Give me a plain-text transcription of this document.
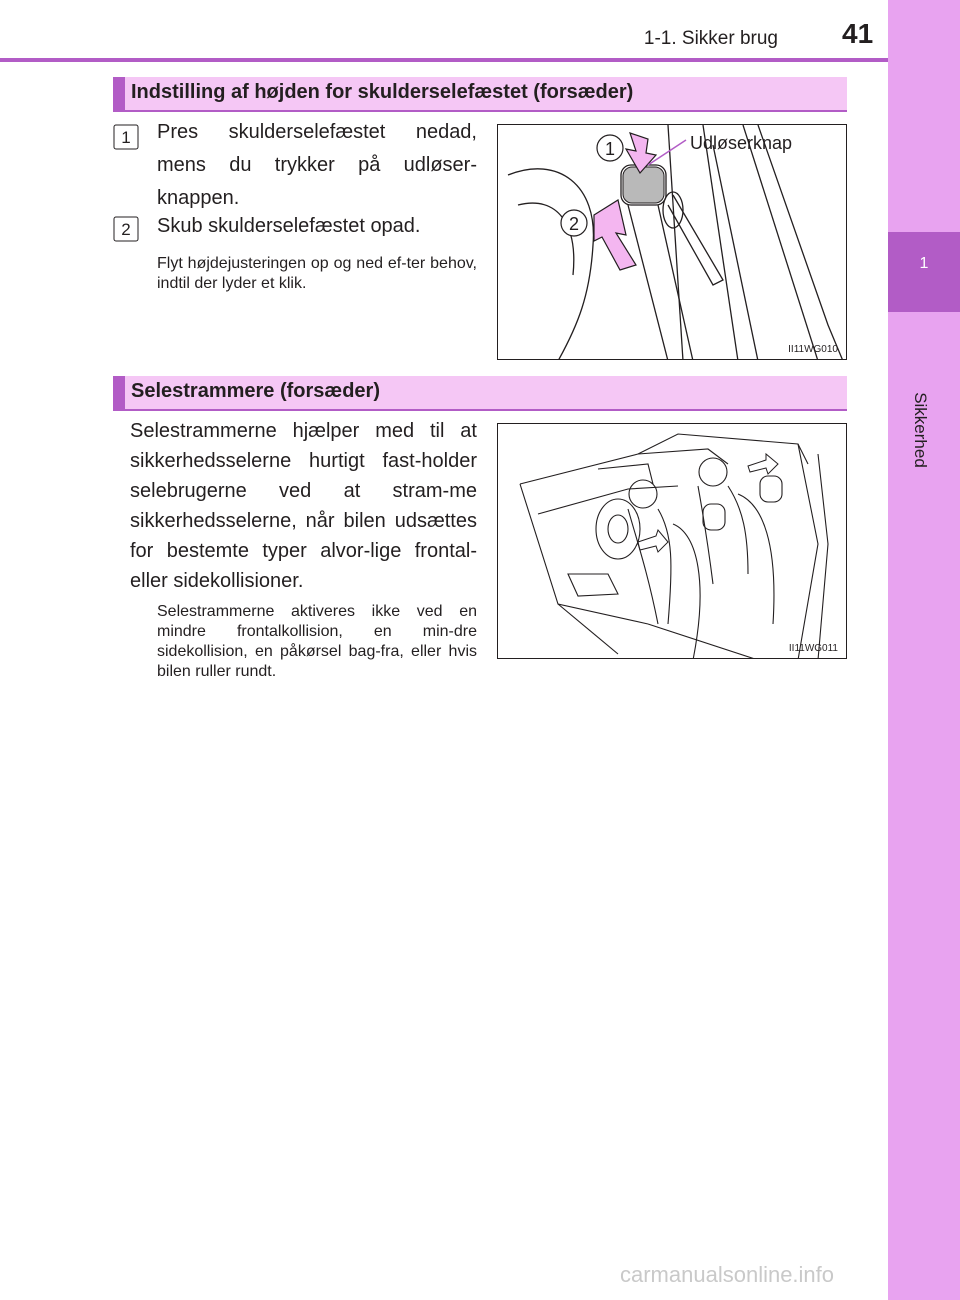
1
Sikkerhed
1-1. Sikker brug 41
Indstilling af højden for skulderselefæstet (forsæder)
1 Pres skulderselefæstet nedad, mens du trykker på udløser-knappen.
2 Skub skulderselefæstet opad.
Flyt højdejusteringen op og ned ef-ter behov, indtil der lyder et klik.
1
2
Udløserknap
II11WG010
Selestrammere (forsæder)
Selestrammerne hjælper med til at sikkerhedsselerne hurtigt fast-holder selebrugerne ved at stram-me sikkerhedsselerne, når bilen udsættes for bestemte typer alvor-lige frontal- eller sidekollisioner.
Selestrammerne aktiveres ikke ved en mindre frontalkollision, en min-dre sidekollision, en påkørsel bag-fra, eller hvis bilen ruller rundt.
II11WG011
carmanualsonline.info
